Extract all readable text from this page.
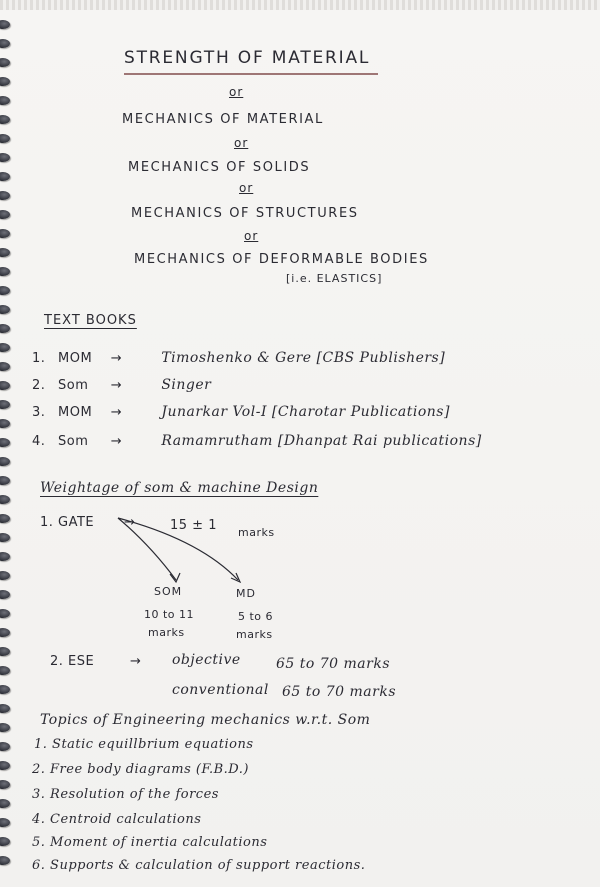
STRENGTH OF MATERIAL
or
MECHANICS OF MATERIAL
or
MECHANICS OF SOLIDS
or
MECHANICS OF STRUCTURES
or
MECHANICS OF DEFORMABLE BODIES
[i.e. ELASTICS]
TEXT BOOKS
1. MOM →	Timoshenko & Gere [CBS Publishers]
2. Som →	Singer
3. MOM →	Junarkar Vol-I [Charotar Publications]
4. Som →	Ramamrutham [Dhanpat Rai publications]
Weightage of som & machine Design
1. GATE →	15 ± 1 marks
SOM
10 to 11
marks
MD
5 to 6
marks
2. ESE	→ objective	65 to 70 marks
conventional 65 to 70 marks
Topics of Engineering mechanics w.r.t. Som
1. Static equillbrium equations
2. Free body diagrams (F.B.D.)
3. Resolution of the forces
4. Centroid calculations
5. Moment of inertia calculations
6. Supports & calculation of support reactions.
